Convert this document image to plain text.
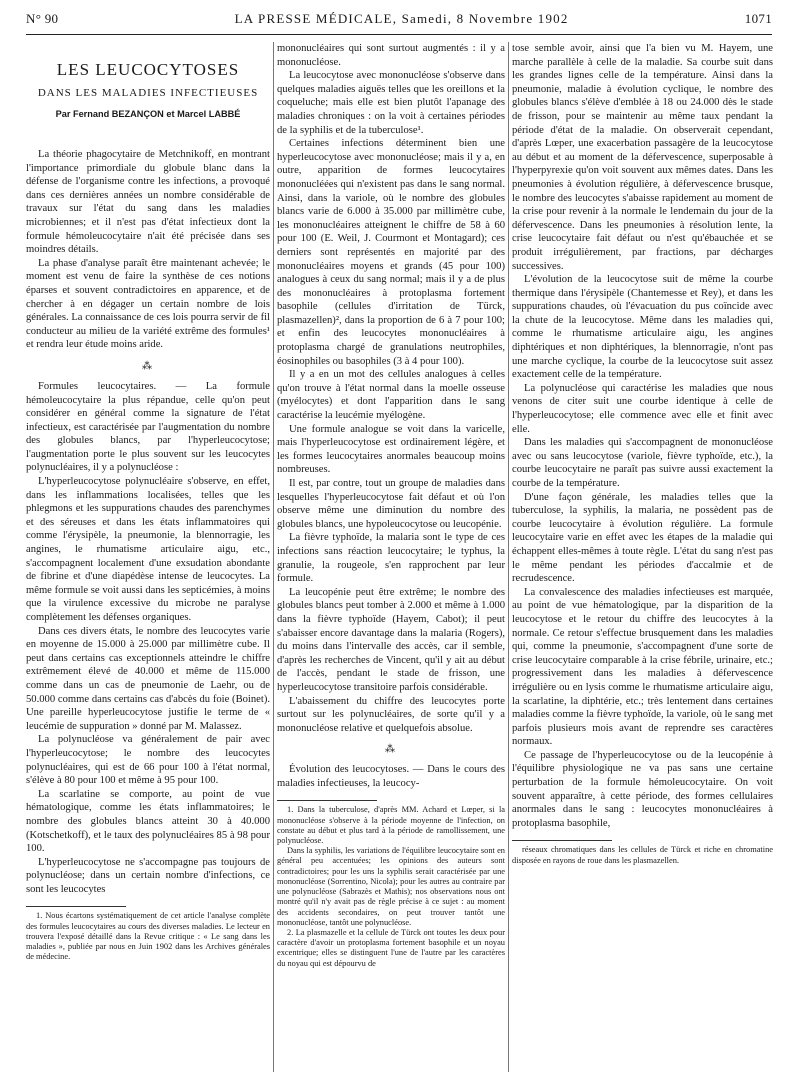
N° 90	LA PRESSE MÉDICALE, Samedi, 8 Novembre 1902	1071
LES LEUCOCYTOSES
DANS LES MALADIES INFECTIEUSES
Par Fernand BEZANÇON et Marcel LABBÉ

La théorie phagocytaire de Metchnikoff, en montrant l'importance primordiale du globule blanc dans la défense de l'organisme contre les infections, a provoqué dans ces dernières années un nombre considérable de travaux sur l'état du sang dans les maladies microbiennes; et il n'est pas d'état infectieux dont la formule hémoleucocytaire n'ait été précisée dans ses moindres détails.

La phase d'analyse paraît être maintenant achevée; le moment est venu de faire la synthèse de ces notions éparses et souvent contradictoires en apparence, et de chercher à en dégager un certain nombre de lois générales. La connaissance de ces lois pourra servir de fil conducteur au milieu de la variété extrême des formules¹ et rendra leur étude moins aride.

⁂

Formules leucocytaires. — La formule hémoleucocytaire la plus répandue, celle qu'on peut considérer en général comme la signature de l'état infectieux, est caractérisée par l'augmentation du nombre des globules blancs, par l'hyperleucocytose; l'augmentation porte le plus souvent sur les leucocytes polynucléaires, il y a polynucléose :

L'hyperleucocytose polynucléaire s'observe, en effet, dans les inflammations localisées, telles que les phlegmons et les suppurations chaudes des parenchymes et des séreuses et dans les états inflammatoires qui comme l'érysipèle, la pneumonie, la blennorragie, les angines, le rhumatisme articulaire aigu, etc., s'accompagnent localement d'une exsudation abondante de fibrine et d'une diapédèse intense de leucocytes. La même formule se voit aussi dans les septicémies, à moins que la virulence excessive du microbe ne paralyse complètement les défenses organiques.

Dans ces divers états, le nombre des leucocytes varie en moyenne de 15.000 à 25.000 par millimètre cube. Il peut dans certains cas exceptionnels atteindre le chiffre extrêmement élevé de 40.000 et même de 115.000 comme dans un cas de pneumonie de Laehr, ou de 50.000 comme dans certains cas d'abcès du foie (Boinet). Une pareille hyperleucocytose justifie le terme de « leucémie de suppuration » donné par M. Malassez.

La polynucléose va généralement de pair avec l'hyperleucocytose; le nombre des leucocytes polynucléaires, qui est de 66 pour 100 à l'état normal, s'élève à 80 pour 100 et même à 95 pour 100.

La scarlatine se comporte, au point de vue hématologique, comme les états inflammatoires; le nombre des globules blancs atteint 30 à 40.000 (Kotschetkoff), et le taux des polynucléaires 85 à 98 pour 100.

L'hyperleucocytose ne s'accompagne pas toujours de polynucléose; dans un certain nombre d'infections, ce sont les leucocytes

1. Nous écartons systématiquement de cet article l'analyse complète des formules leucocytaires au cours des diverses maladies. Le lecteur en trouvera l'exposé détaillé dans la Revue critique : « Le sang dans les maladies », publiée par nous en Juin 1902 dans les Archives générales de médecine.

mononucléaires qui sont surtout augmentés : il y a mononucléose.

La leucocytose avec mononucléose s'observe dans quelques maladies aiguës telles que les oreillons et la coqueluche; mais elle est bien plutôt l'apanage des maladies chroniques : on la voit à certaines périodes de la syphilis et de la tuberculose¹.

Certaines infections déterminent bien une hyperleucocytose avec mononucléose; mais il y a, en outre, apparition de formes leucocytaires mononucléées qui n'existent pas dans le sang normal. Ainsi, dans la variole, où le nombre des globules blancs varie de 6.000 à 35.000 par millimètre cube, les mononucléaires atteignent le chiffre de 58 à 60 pour 100 (E. Weil, J. Courmont et Montagard); ces derniers sont représentés en majorité par des mononucléaires moyens et grands (45 pour 100) analogues à ceux du sang normal; mais il y a de plus des mononucléaires à protoplasma fortement basophile (cellules d'irritation de Türck, plasmazellen)², dans la proportion de 6 à 7 pour 100; et enfin des leucocytes mononucléaires à protoplasma chargé de granulations neutrophiles, éosinophiles ou basophiles (3 à 4 pour 100).

Il y a en un mot des cellules analogues à celles qu'on trouve à l'état normal dans la moelle osseuse (myélocytes) et dont l'apparition dans le sang caractérise la leucémie myélogène.

Une formule analogue se voit dans la varicelle, mais l'hyperleucocytose est ordinairement légère, et les formes leucocytaires anormales beaucoup moins nombreuses.

Il est, par contre, tout un groupe de maladies dans lesquelles l'hyperleucocytose fait défaut et où l'on observe même une diminution du nombre des globules blancs, une hypoleucocytose ou leucopénie.

La fièvre typhoïde, la malaria sont le type de ces infections sans réaction leucocytaire; le typhus, la granulie, la rougeole, s'en rapprochent par leur formule.

La leucopénie peut être extrême; le nombre des globules blancs peut tomber à 2.000 et même à 1.000 dans la fièvre typhoïde (Hayem, Cabot); il peut s'abaisser encore davantage dans la malaria (Rogers), du moins dans l'intervalle des accès, car il semble, d'après les recherches de Vincent, qu'il y ait au début de l'accès, pendant le stade de frisson, une hyperleucocytose transitoire parfois considérable.

L'abaissement du chiffre des leucocytes porte surtout sur les polynucléaires, de sorte qu'il y a mononucléose relative et quelquefois absolue.

⁂

Évolution des leucocytoses. — Dans le cours des maladies infectieuses, la leucocy-

1. Dans la tuberculose, d'après MM. Achard et Lœper, si la mononucléose s'observe à la période moyenne de l'infection, on constate au début et plus tard à la période de ramollissement, une polynucléose.

Dans la syphilis, les variations de l'équilibre leucocytaire sont en général peu accentuées; les opinions des auteurs sont contradictoires; pour les uns la syphilis serait caractérisée par une mononucléose (Sorrentino, Nicola); pour les autres au contraire par une polynucléose (Sabrazès et Mathis); nos observations nous ont montré qu'il n'y avait pas de règle précise à ce sujet : au moment des accidents secondaires, on peut trouver tantôt une mononucléose, tantôt une polynucléose.

2. La plasmazelle et la cellule de Türck ont toutes les deux pour caractère d'avoir un protoplasma fortement basophile et un noyau excentrique; elles se distinguent l'une de l'autre par les caractères du noyau qui est dépourvu de

tose semble avoir, ainsi que l'a bien vu M. Hayem, une marche parallèle à celle de la maladie. Sa courbe suit dans les grandes lignes celle de la température. Ainsi dans la pneumonie, maladie à évolution cyclique, le nombre des globules blancs s'élève d'emblée à 18 ou 24.000 dès le stade de frisson, pour se maintenir au même taux pendant la période d'état de la maladie. On observerait cependant, d'après Lœper, une exacerbation passagère de la leucocytose au début et au moment de la défervescence, superposable à l'hyperpyrexie qu'on voit souvent aux mêmes dates. Dans les pneumonies à évolution régulière, à défervescence brusque, le nombre des leucocytes s'abaisse rapidement au moment de la crise pour revenir à la normale le lendemain du jour de la défervescence. Dans les pneumonies à résolution lente, la crise leucocytaire fait défaut ou n'est qu'ébauchée et se produit irrégulièrement, par fractions, par décharges successives.

L'évolution de la leucocytose suit de même la courbe thermique dans l'érysipèle (Chantemesse et Rey), et dans les suppurations chaudes, où l'évacuation du pus coïncide avec la chute de la leucocytose. Même dans les maladies qui, comme le rhumatisme articulaire aigu, les angines diphtériques et non diphtériques, la blennorragie, n'ont pas une marche cyclique, la courbe de la leucocytose suit assez exactement celle de la température.

La polynucléose qui caractérise les maladies que nous venons de citer suit une courbe identique à celle de l'hyperleucocytose; elle commence avec elle et finit avec elle.

Dans les maladies qui s'accompagnent de mononucléose avec ou sans leucocytose (variole, fièvre typhoïde, etc.), la courbe leucocytaire ne paraît pas suivre aussi exactement la courbe de la température.

D'une façon générale, les maladies telles que la tuberculose, la syphilis, la malaria, ne possèdent pas de courbe leucocytaire à évolution régulière. La formule leucocytaire varie en effet avec les étapes de la maladie qui échappent elles-mêmes à toute règle. L'état du sang n'est pas le même pendant les périodes d'accalmie et de recrudescence.

La convalescence des maladies infectieuses est marquée, au point de vue hématologique, par la disparition de la leucocytose et le retour du chiffre des leucocytes à la normale. Ce retour s'effectue brusquement dans les maladies qui, comme la pneumonie, s'accompagnent d'une sorte de crise leucocytaire comparable à la crise fébrile, urinaire, etc.; progressivement dans les maladies à défervescence irrégulière ou en lysis comme le rhumatisme articulaire aigu, la scarlatine, la diphtérie, etc.; très lentement dans certaines maladies comme la fièvre typhoïde, la variole, où le sang met parfois plusieurs mois avant de reprendre ses caractères normaux.

Ce passage de l'hyperleucocytose ou de la leucopénie à l'équilibre physiologique ne va pas sans une certaine perturbation de la formule hémoleucocytaire. On voit souvent apparaître, à cette période, des formes cellulaires anormales dans le sang : leucocytes mononucléaires à protoplasma basophile,

réseaux chromatiques dans les cellules de Türck et riche en chromatine disposée en rayons de roue dans les plasmazellen.
